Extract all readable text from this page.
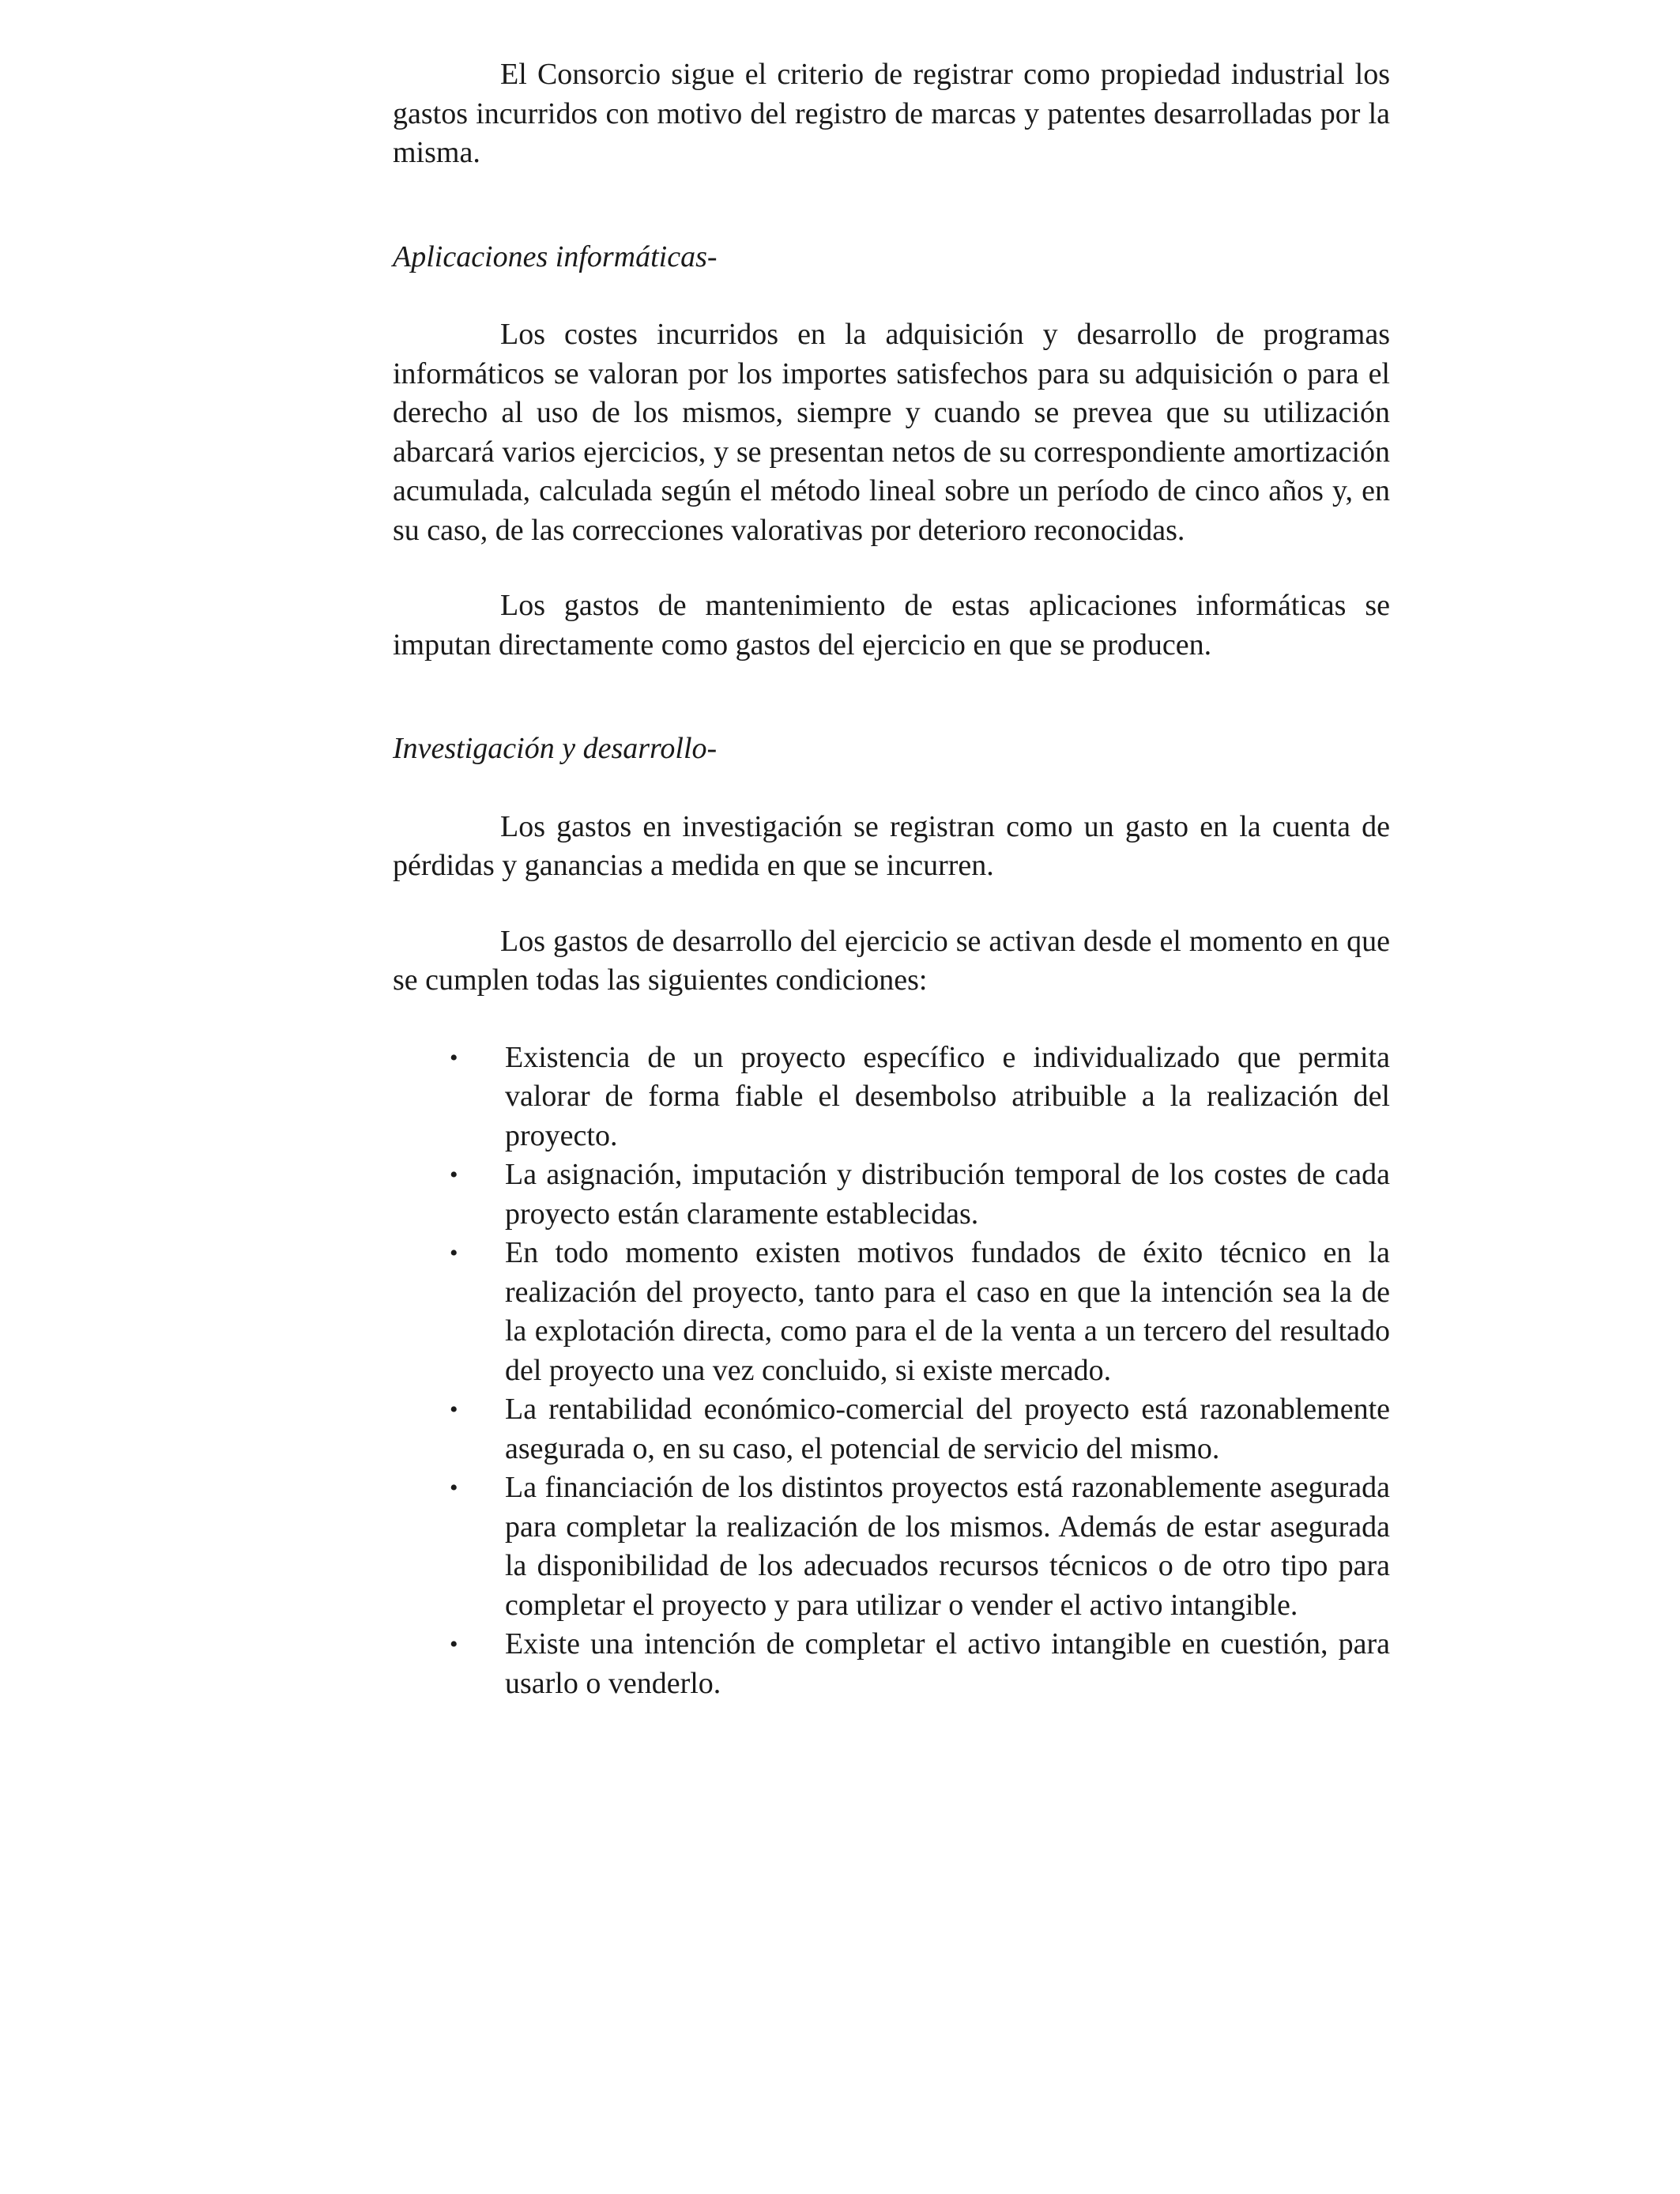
El Consorcio sigue el criterio de registrar como propiedad industrial los gastos incurridos con motivo del registro de marcas y patentes desarrolladas por la misma.

Aplicaciones informáticas-

Los costes incurridos en la adquisición y desarrollo de programas informáticos se valoran por los importes satisfechos para su adquisición o para el derecho al uso de los mismos, siempre y cuando se prevea que su utilización abarcará varios ejercicios, y se presentan netos de su correspondiente amortización acumulada, calculada según el método lineal sobre un período de cinco años y, en su caso, de las correcciones valorativas por deterioro reconocidas.

Los gastos de mantenimiento de estas aplicaciones informáticas se imputan directamente como gastos del ejercicio en que se producen.

Investigación y desarrollo-

Los gastos en investigación se registran como un gasto en la cuenta de pérdidas y ganancias a medida en que se incurren.

Los gastos de desarrollo del ejercicio se activan desde el momento en que se cumplen todas las siguientes condiciones:

• Existencia de un proyecto específico e individualizado que permita valorar de forma fiable el desembolso atribuible a la realización del proyecto.
• La asignación, imputación y distribución temporal de los costes de cada proyecto están claramente establecidas.
• En todo momento existen motivos fundados de éxito técnico en la realización del proyecto, tanto para el caso en que la intención sea la de la explotación directa, como para el de la venta a un tercero del resultado del proyecto una vez concluido, si existe mercado.
• La rentabilidad económico-comercial del proyecto está razonablemente asegurada o, en su caso, el potencial de servicio del mismo.
• La financiación de los distintos proyectos está razonablemente asegurada para completar la realización de los mismos. Además de estar asegurada la disponibilidad de los adecuados recursos técnicos o de otro tipo para completar el proyecto y para utilizar o vender el activo intangible.
• Existe una intención de completar el activo intangible en cuestión, para usarlo o venderlo.
